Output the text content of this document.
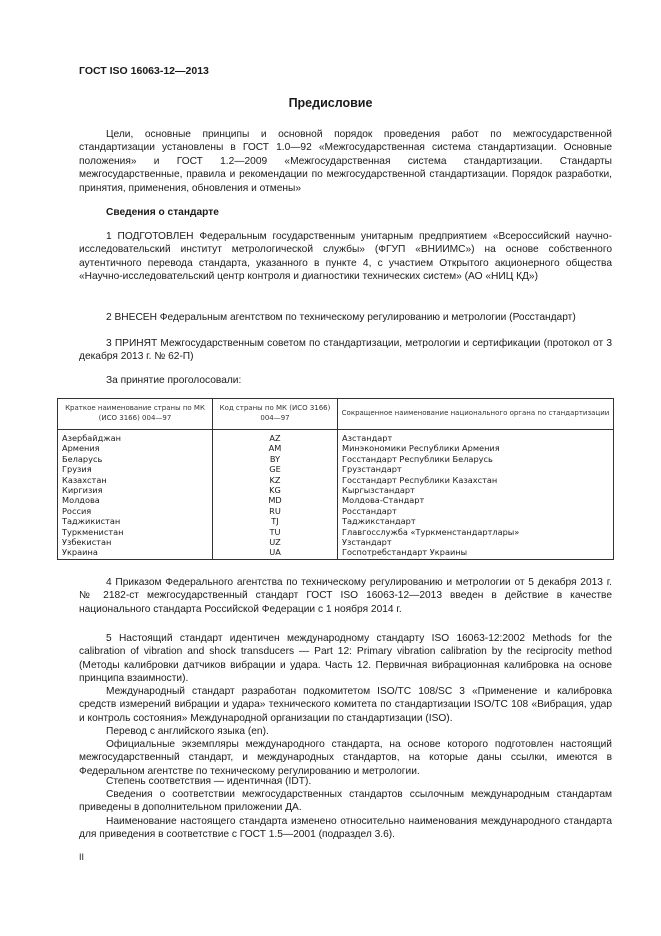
ГОСТ ISO 16063-12—2013
Предисловие
Цели, основные принципы и основной порядок проведения работ по межгосударственной стандартизации установлены в ГОСТ 1.0—92 «Межгосударственная система стандартизации. Основные положения» и ГОСТ 1.2—2009 «Межгосударственная система стандартизации. Стандарты межгосударственные, правила и рекомендации по межгосударственной стандартизации. Порядок разработки, принятия, применения, обновления и отмены»
Сведения о стандарте
1 ПОДГОТОВЛЕН Федеральным государственным унитарным предприятием «Всероссийский научно-исследовательский институт метрологической службы» (ФГУП «ВНИИМС») на основе собственного аутентичного перевода стандарта, указанного в пункте 4, с участием Открытого акционерного общества «Научно-исследовательский центр контроля и диагностики технических систем» (АО «НИЦ КД»)
2 ВНЕСЕН Федеральным агентством по техническому регулированию и метрологии (Росстандарт)
3 ПРИНЯТ Межгосударственным советом по стандартизации, метрологии и сертификации (протокол от 3 декабря 2013 г. № 62-П)
За принятие проголосовали:
Краткое наименование страны по МК (ИСО 3166) 004—97	Код страны по МК (ИСО 3166) 004—97	Сокращенное наименование национального органа по стандартизации
Азербайджан	AZ	Азстандарт
Армения	AM	Минэкономики Республики Армения
Беларусь	BY	Госстандарт Республики Беларусь
Грузия	GE	Грузстандарт
Казахстан	KZ	Госстандарт Республики Казахстан
Киргизия	KG	Кыргызстандарт
Молдова	MD	Молдова-Стандарт
Россия	RU	Росстандарт
Таджикистан	TJ	Таджикстандарт
Туркменистан	TU	Главгосслужба «Туркменстандартлары»
Узбекистан	UZ	Узстандарт
Украина	UA	Госпотребстандарт Украины
4 Приказом Федерального агентства по техническому регулированию и метрологии от 5 декабря 2013 г. № 2182-ст межгосударственный стандарт ГОСТ ISO 16063-12—2013 введен в действие в качестве национального стандарта Российской Федерации с 1 ноября 2014 г.
5 Настоящий стандарт идентичен международному стандарту ISO 16063-12:2002 Methods for the calibration of vibration and shock transducers — Part 12: Primary vibration calibration by the reciprocity method (Методы калибровки датчиков вибрации и удара. Часть 12. Первичная вибрационная калибровка на основе принципа взаимности).
Международный стандарт разработан подкомитетом ISO/TC 108/SC 3 «Применение и калибровка средств измерений вибрации и удара» технического комитета по стандартизации ISO/TC 108 «Вибрация, удар и контроль состояния» Международной организации по стандартизации (ISO).
Перевод с английского языка (en).
Официальные экземпляры международного стандарта, на основе которого подготовлен настоящий межгосударственный стандарт, и международных стандартов, на которые даны ссылки, имеются в Федеральном агентстве по техническому регулированию и метрологии.
Степень соответствия — идентичная (IDT).
Сведения о соответствии межгосударственных стандартов ссылочным международным стандартам приведены в дополнительном приложении ДА.
Наименование настоящего стандарта изменено относительно наименования международного стандарта для приведения в соответствие с ГОСТ 1.5—2001 (подраздел 3.6).
II
